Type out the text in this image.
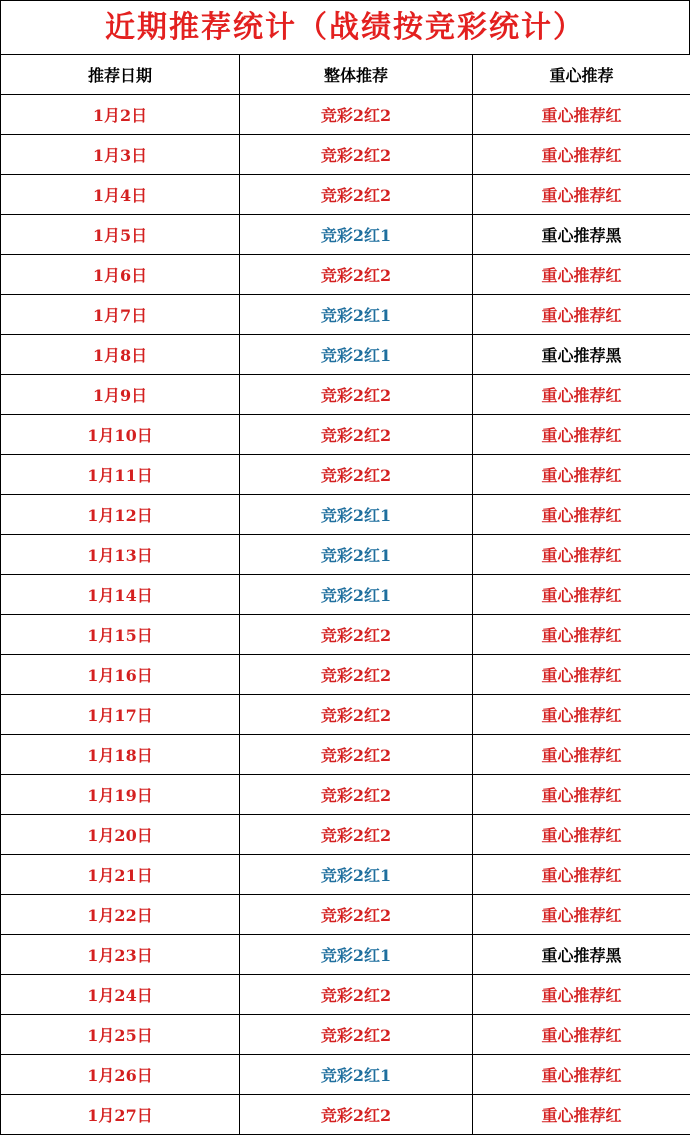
近期推荐统计（战绩按竞彩统计）
推荐日期	整体推荐	重心推荐
1月2日	竞彩2红2	重心推荐红
1月3日	竞彩2红2	重心推荐红
1月4日	竞彩2红2	重心推荐红
1月5日	竞彩2红1	重心推荐黑
1月6日	竞彩2红2	重心推荐红
1月7日	竞彩2红1	重心推荐红
1月8日	竞彩2红1	重心推荐黑
1月9日	竞彩2红2	重心推荐红
1月10日	竞彩2红2	重心推荐红
1月11日	竞彩2红2	重心推荐红
1月12日	竞彩2红1	重心推荐红
1月13日	竞彩2红1	重心推荐红
1月14日	竞彩2红1	重心推荐红
1月15日	竞彩2红2	重心推荐红
1月16日	竞彩2红2	重心推荐红
1月17日	竞彩2红2	重心推荐红
1月18日	竞彩2红2	重心推荐红
1月19日	竞彩2红2	重心推荐红
1月20日	竞彩2红2	重心推荐红
1月21日	竞彩2红1	重心推荐红
1月22日	竞彩2红2	重心推荐红
1月23日	竞彩2红1	重心推荐黑
1月24日	竞彩2红2	重心推荐红
1月25日	竞彩2红2	重心推荐红
1月26日	竞彩2红1	重心推荐红
1月27日	竞彩2红2	重心推荐红
